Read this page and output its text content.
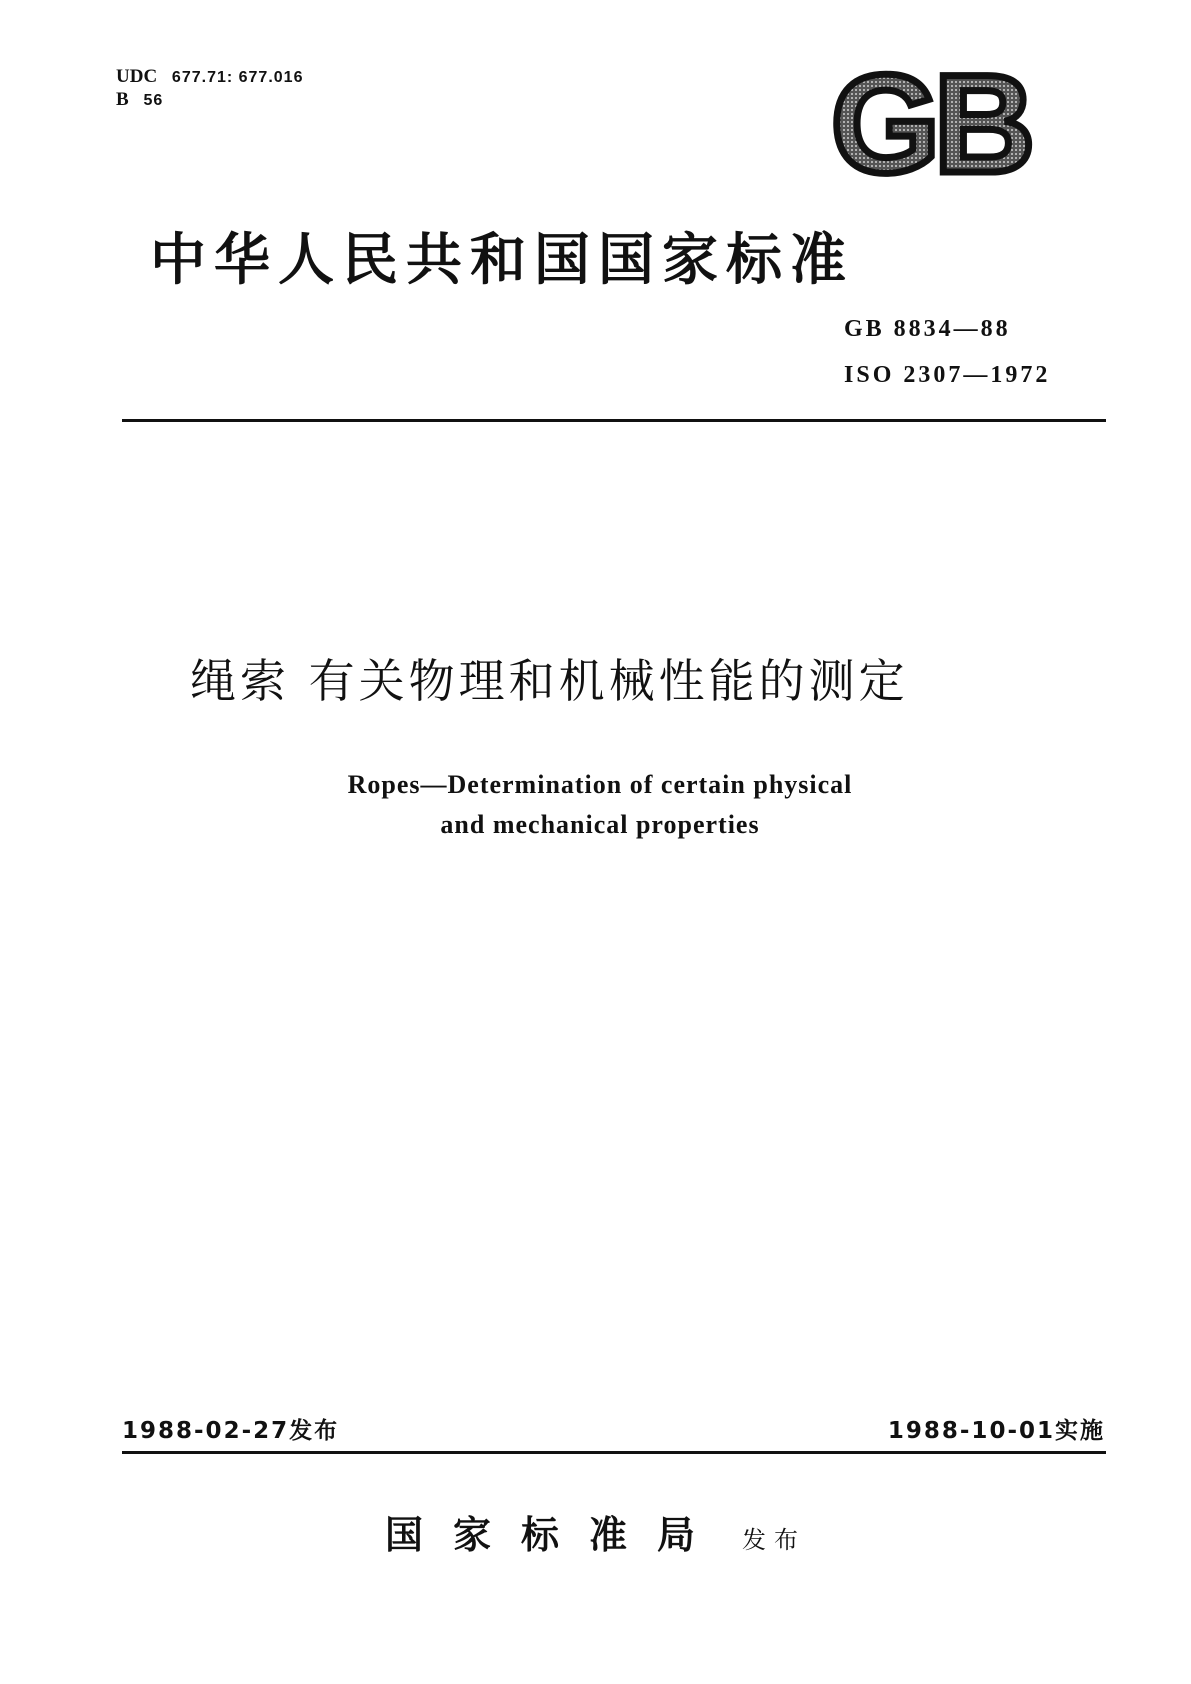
UDC 677.71: 677.016
B 56	GB
中华人民共和国国家标准
GB 8834—88
ISO 2307—1972
绳索 有关物理和机械性能的测定
Ropes—Determination of certain physical
and mechanical properties
1988-02-27发布	1988-10-01实施
国家标准局 发布
